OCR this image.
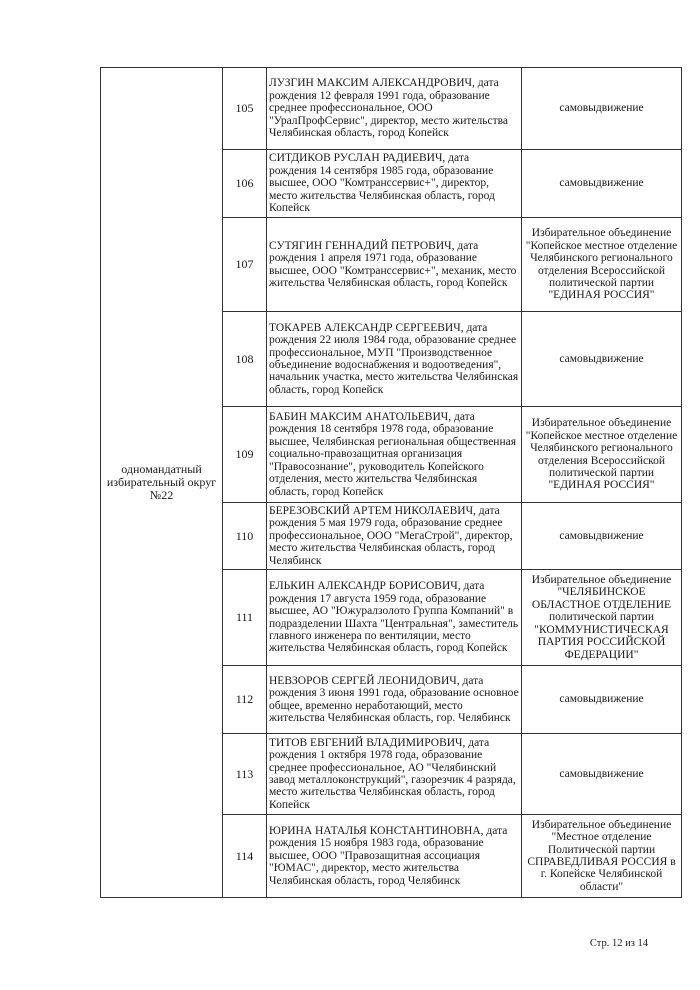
одномандатный избирательный округ №22	105	ЛУЗГИН МАКСИМ АЛЕКСАНДРОВИЧ, дата рождения 12 февраля 1991 года, образование среднее профессиональное, ООО "УралПрофСервис", директор, место жительства Челябинская область, город Копейск	самовыдвижение
	106	СИТДИКОВ РУСЛАН РАДИЕВИЧ, дата рождения 14 сентября 1985 года, образование высшее, ООО "Комтранссервис+", директор, место жительства Челябинская область, город Копейск	самовыдвижение
	107	СУТЯГИН ГЕННАДИЙ ПЕТРОВИЧ, дата рождения 1 апреля 1971 года, образование высшее, ООО "Комтранссервис+", механик, место жительства Челябинская область, город Копейск	Избирательное объединение "Копейское местное отделение Челябинского регионального отделения Всероссийской политической партии "ЕДИНАЯ РОССИЯ"
	108	ТОКАРЕВ АЛЕКСАНДР СЕРГЕЕВИЧ, дата рождения 22 июля 1984 года, образование среднее профессиональное, МУП "Производственное объединение водоснабжения и водоотведения", начальник участка, место жительства Челябинская область, город Копейск	самовыдвижение
	109	БАБИН МАКСИМ АНАТОЛЬЕВИЧ, дата рождения 18 сентября 1978 года, образование высшее, Челябинская региональная общественная социально-правозащитная организация "Правосознание", руководитель Копейского отделения, место жительства Челябинская область, город Копейск	Избирательное объединение "Копейское местное отделение Челябинского регионального отделения Всероссийской политической партии "ЕДИНАЯ РОССИЯ"
	110	БЕРЕЗОВСКИЙ АРТЕМ НИКОЛАЕВИЧ, дата рождения 5 мая 1979 года, образование среднее профессиональное, ООО "МегаСтрой", директор, место жительства Челябинская область, город Челябинск	самовыдвижение
	111	ЕЛЬКИН АЛЕКСАНДР БОРИСОВИЧ, дата рождения 17 августа 1959 года, образование высшее, АО "Южуралзолото Группа Компаний" в подразделении Шахта "Центральная", заместитель главного инженера по вентиляции, место жительства Челябинская область, город Копейск	Избирательное объединение "ЧЕЛЯБИНСКОЕ ОБЛАСТНОЕ ОТДЕЛЕНИЕ политической партии "КОММУНИСТИЧЕСКАЯ ПАРТИЯ РОССИЙСКОЙ ФЕДЕРАЦИИ"
	112	НЕВЗОРОВ СЕРГЕЙ ЛЕОНИДОВИЧ, дата рождения 3 июня 1991 года, образование основное общее, временно неработающий, место жительства Челябинская область, гор. Челябинск	самовыдвижение
	113	ТИТОВ ЕВГЕНИЙ ВЛАДИМИРОВИЧ, дата рождения 1 октября 1978 года, образование среднее профессиональное, АО "Челябинский завод металлоконструкций", газорезчик 4 разряда, место жительства Челябинская область, город Копейск	самовыдвижение
	114	ЮРИНА НАТАЛЬЯ КОНСТАНТИНОВНА, дата рождения 15 ноября 1983 года, образование высшее, ООО "Правозащитная ассоциация "ЮМАС", директор, место жительства Челябинская область, город Челябинск	Избирательное объединение "Местное отделение Политической партии СПРАВЕДЛИВАЯ РОССИЯ в г. Копейске Челябинской области"
Стр. 12 из 14
